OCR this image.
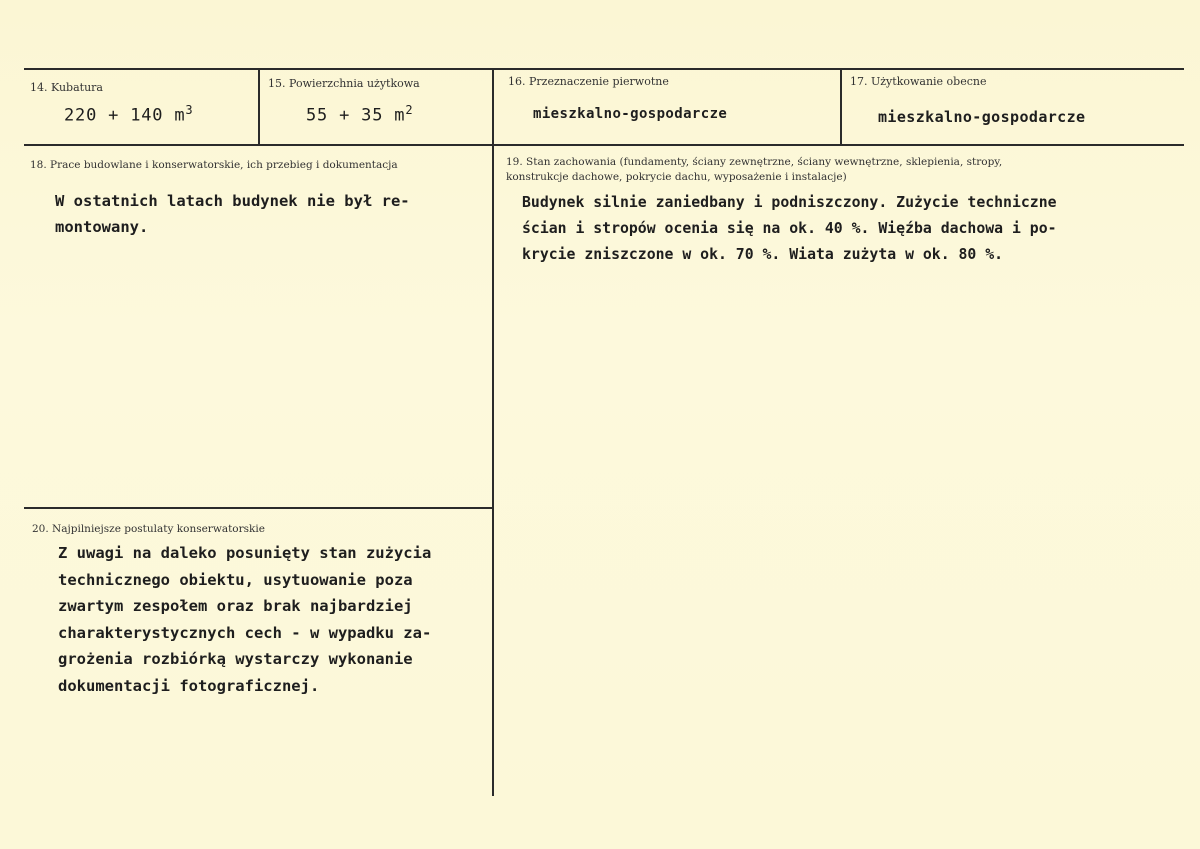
14. Kubatura
220 + 140 $m^3$
15. Powierzchnia użytkowa
55 + 35 $m^2$
16. Przeznaczenie pierwotne
mieszkalno-gospodarcze
17. Użytkowanie obecne
mieszkalno-gospodarcze
18. Prace budowlane i konserwatorskie, ich przebieg i dokumentacja
W ostatnich latach budynek nie był re-
montowany.
19. Stan zachowania (fundamenty, ściany zewnętrzne, ściany wewnętrzne, sklepienia, stropy,
konstrukcje dachowe, pokrycie dachu, wyposażenie i instalacje)
Budynek silnie zaniedbany i podniszczony. Zużycie techniczne
ścian i stropów ocenia się na ok. 40 %. Więźba dachowa i po-
krycie zniszczone w ok. 70 %. Wiata zużyta w ok. 80 %.
20. Najpilniejsze postulaty konserwatorskie
Z uwagi na daleko posunięty stan zużycia
technicznego obiektu, usytuowanie poza
zwartym zespołem oraz brak najbardziej
charakterystycznych cech - w wypadku za-
grożenia rozbiórką wystarczy wykonanie
dokumentacji fotograficznej.
